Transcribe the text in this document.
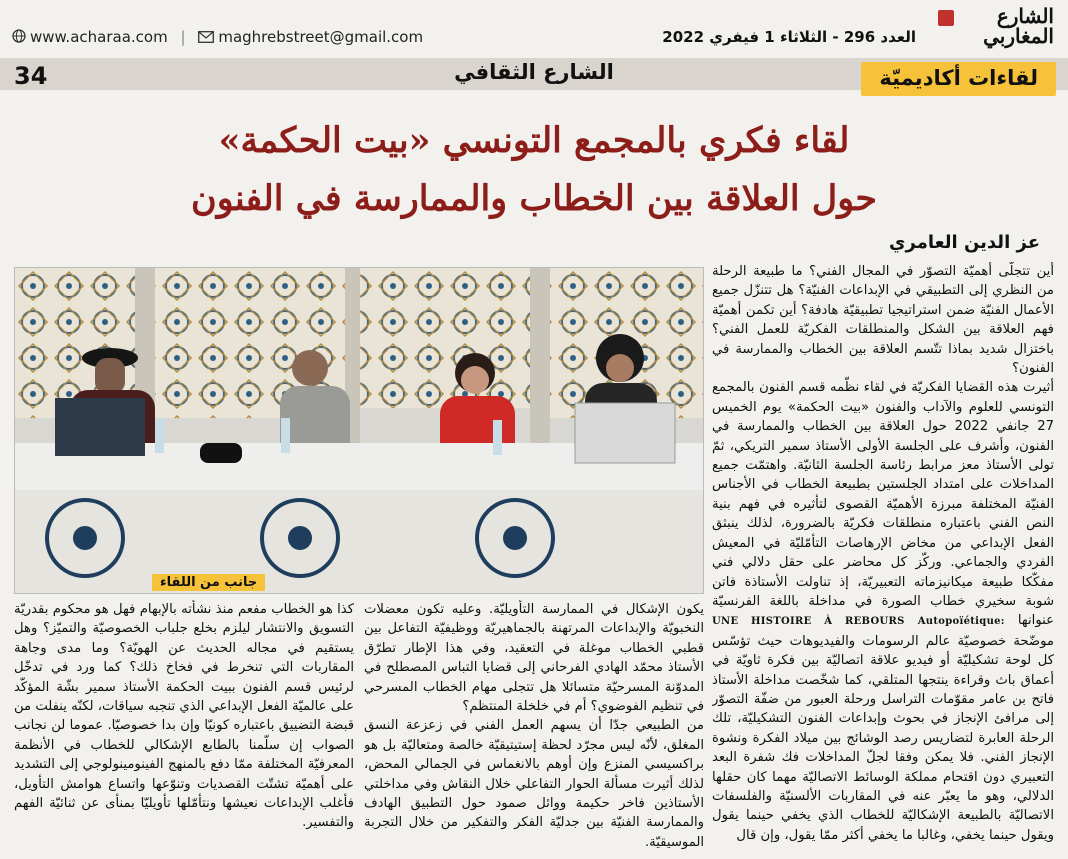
www.acharaa.com | maghrebstreet@gmail.com	العدد 296 - الثلاثاء 1 فيفري 2022
الشارع
المغاربي
34	الشارع الثقافي	لقاءات أكاديميّة
لقاء فكري بالمجمع التونسي «بيت الحكمة»
حول العلاقة بين الخطاب والممارسة في الفنون
عز الدين العامري
جانب من اللقاء

أين تتجلّى أهميّة التصوّر في المجال الفني؟ ما طبيعة الرحلة من النظري إلى التطبيقي في الإبداعات الفنيّة؟ هل تتنزّل جميع الأعمال الفنيّة ضمن استراتيجيا تطبيقيّة هادفة؟ أين تكمن أهميّة فهم العلاقة بين الشكل والمنطلقات الفكريّة للعمل الفني؟ باختزال شديد بماذا تتّسم العلاقة بين الخطاب والممارسة في الفنون؟

أثيرت هذه القضايا الفكريّة في لقاء نظّمه قسم الفنون بالمجمع التونسي للعلوم والآداب والفنون «بيت الحكمة» يوم الخميس 27 جانفي 2022 حول العلاقة بين الخطاب والممارسة في الفنون، وأشرف على الجلسة الأولى الأستاذ سمير التريكي، ثمّ تولى الأستاذ معز مرابط رئاسة الجلسة الثانيّة. واهتمّت جميع المداخلات على امتداد الجلستين بطبيعة الخطاب في الأجناس الفنيّة المختلفة مبرزة الأهميّة القصوى لتأثيره في فهم بنية النص الفني باعتباره منطلقات فكريّة بالضرورة، لذلك ينبثق الفعل الإبداعي من مخاض الإرهاصات التأمّليّة في المعيش الفردي والجماعي. وركّز كل محاضر على حقل دلالي فني مفكّكا طبيعة ميكانيزماته التعبيريّة، إذ تناولت الأستاذة فاتن شوبة سخيري خطاب الصورة في مداخلة باللغة الفرنسيّة عنوانها Autopoïétique: UNE HISTOIRE À REBOURS موضّحة خصوصيّة عالم الرسومات والفيديوهات حيث تؤسّس كل لوحة تشكيليّة أو فيديو علاقة اتصاليّة بين فكرة ثاويّة في أعماق باث وقراءة ينتجها المتلقي، كما شخّصت مداخلة الأستاذ فاتح بن عامر مقوّمات التراسل ورحلة العبور من ضفّة التصوّر إلى مرافئ الإنجاز في بحوث وإبداعات الفنون التشكيليّة، تلك الرحلة العابرة لتضاريس رصد الوشائج بين ميلاد الفكرة ونشوة الإنجاز الفني. فلا يمكن وفقا لجلّ المداخلات فك شفرة البعد التعبيري دون اقتحام مملكة الوسائط الاتصاليّة مهما كان حقلها الدلالي، وهو ما يعبّر عنه في المقاربات الألسنيّة والفلسفات الاتصاليّة بالطبيعة الإشكاليّة للخطاب الذي يخفي حينما يقول ويقول حينما يخفي، وغالبا ما يخفي أكثر ممّا يقول، وإن قال

يكون الإشكال في الممارسة التأويليّة. وعليه تكون معضلات النخبويّة والإبداعات المرتهنة بالجماهيريّة ووظيفيّة التفاعل بين قطبي الخطاب موغلة في التعقيد، وفي هذا الإطار تطرّق الأستاذ محمّد الهادي الفرحاني إلى قضايا التباس المصطلح في المدوّنة المسرحيّة متسائلا هل تتجلى مهام الخطاب المسرحي في تنظيم الفوضوي؟ أم في خلخلة المنتظم؟

من الطبيعي جدّا أن يسهم العمل الفني في زعزعة النسق المغلق، لأنّه ليس مجرّد لحظة إستيتيقيّة خالصة ومتعاليّة بل هو براكسيسي المنزع وإن أوهم بالانغماس في الجمالي المحض، لذلك أثيرت مسألة الحوار التفاعلي خلال النقاش وفي مداخلتي الأستاذين فاخر حكيمة ووائل صمود حول التطبيق الهادف والممارسة الفنيّة بين جدليّة الفكر والتفكير من خلال التجربة الموسيقيّة.

كذا هو الخطاب مفعم منذ نشأته بالإبهام فهل هو محكوم بقدريّة التسويق والانتشار ليلزم بخلع جلباب الخصوصيّة والتميّز؟ وهل يستقيم في مجاله الحديث عن الهويّة؟ وما مدى وجاهة المقاربات التي تنخرط في فخاخ ذلك؟ كما ورد في تدخّل لرئيس قسم الفنون ببيت الحكمة الأستاذ سمير بشّة المؤكّد على عالميّة الفعل الإبداعي الذي تنجبه سياقات، لكنّه ينفلت من قبضة التضييق باعتباره كونيّا وإن بدا خصوصيّا. عموما لن نجانب الصواب إن سلّمنا بالطابع الإشكالي للخطاب في الأنظمة المعرفيّة المختلفة ممّا دفع بالمنهج الفينومينولوجي إلى التشديد على أهميّة تشتّت القصديات وتنوّعها واتساع هوامش التأويل، فأغلب الإبداعات نعيشها ونتأمّلها تأويليّا بمنأى عن ثنائيّة الفهم والتفسير.
